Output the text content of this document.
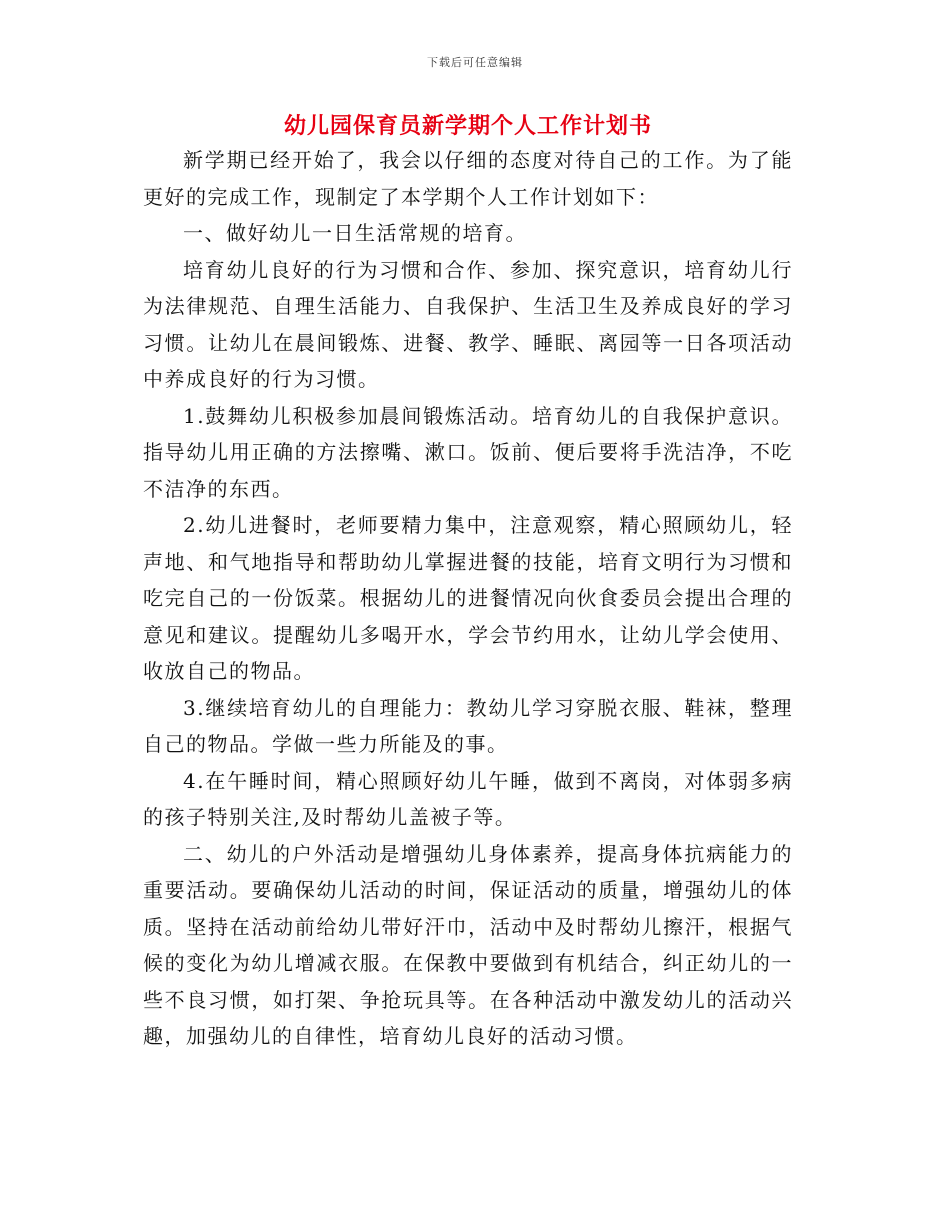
下载后可任意编辑
幼儿园保育员新学期个人工作计划书

新学期已经开始了，我会以仔细的态度对待自己的工作。为了能更好的完成工作，现制定了本学期个人工作计划如下：

一、做好幼儿一日生活常规的培育。

培育幼儿良好的行为习惯和合作、参加、探究意识，培育幼儿行为法律规范、自理生活能力、自我保护、生活卫生及养成良好的学习习惯。让幼儿在晨间锻炼、进餐、教学、睡眠、离园等一日各项活动中养成良好的行为习惯。

1.鼓舞幼儿积极参加晨间锻炼活动。培育幼儿的自我保护意识。指导幼儿用正确的方法擦嘴、漱口。饭前、便后要将手洗洁净，不吃不洁净的东西。

2.幼儿进餐时，老师要精力集中，注意观察，精心照顾幼儿，轻声地、和气地指导和帮助幼儿掌握进餐的技能，培育文明行为习惯和吃完自己的一份饭菜。根据幼儿的进餐情况向伙食委员会提出合理的意见和建议。提醒幼儿多喝开水，学会节约用水，让幼儿学会使用、收放自己的物品。

3.继续培育幼儿的自理能力：教幼儿学习穿脱衣服、鞋袜，整理自己的物品。学做一些力所能及的事。

4.在午睡时间，精心照顾好幼儿午睡，做到不离岗，对体弱多病的孩子特别关注,及时帮幼儿盖被子等。

二、幼儿的户外活动是增强幼儿身体素养，提高身体抗病能力的重要活动。要确保幼儿活动的时间，保证活动的质量，增强幼儿的体质。坚持在活动前给幼儿带好汗巾，活动中及时帮幼儿擦汗，根据气候的变化为幼儿增减衣服。在保教中要做到有机结合，纠正幼儿的一些不良习惯，如打架、争抢玩具等。在各种活动中激发幼儿的活动兴趣，加强幼儿的自律性，培育幼儿良好的活动习惯。
